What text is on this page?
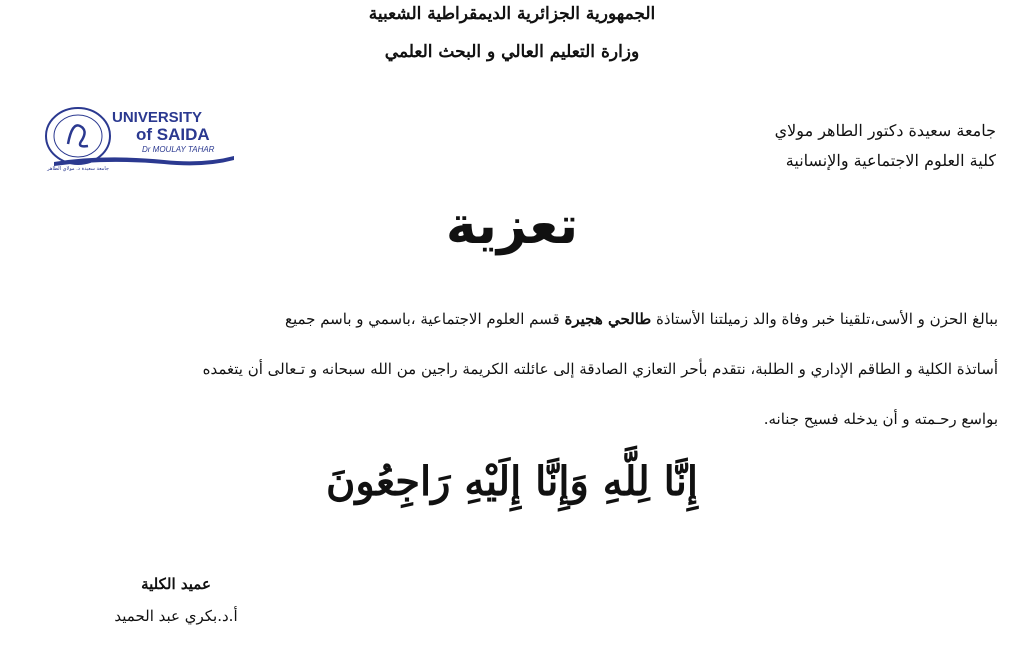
الجمهورية الجزائرية الديمقراطية الشعبية
وزارة التعليم العالي و البحث العلمي
جامعة سعيدة دكتور الطاهر مولاي
كلية العلوم الاجتماعية والإنسانية
UNIVERSITY
of SAIDA
Dr MOULAY TAHAR
جامعة سعيدة د. مولاي الطاهر
تعزية

ببالغ الحزن و الأسى،تلقينا خبر وفاة والد زميلتنا الأستاذة طالحي هجيرة قسم العلوم الاجتماعية ،باسمي و باسم جميع

أساتذة الكلية و الطاقم الإداري و الطلبة، نتقدم بأحر التعازي الصادقة إلى عائلته الكريمة راجين من الله سبحانه و تـعالى أن يتغمده

بواسع رحـمته و أن يدخله فسيح جنانه.

إِنَّا لِلَّهِ وَإِنَّا إِلَيْهِ رَاجِعُونَ
عميد الكلية
أ.د.بكري عبد الحميد
